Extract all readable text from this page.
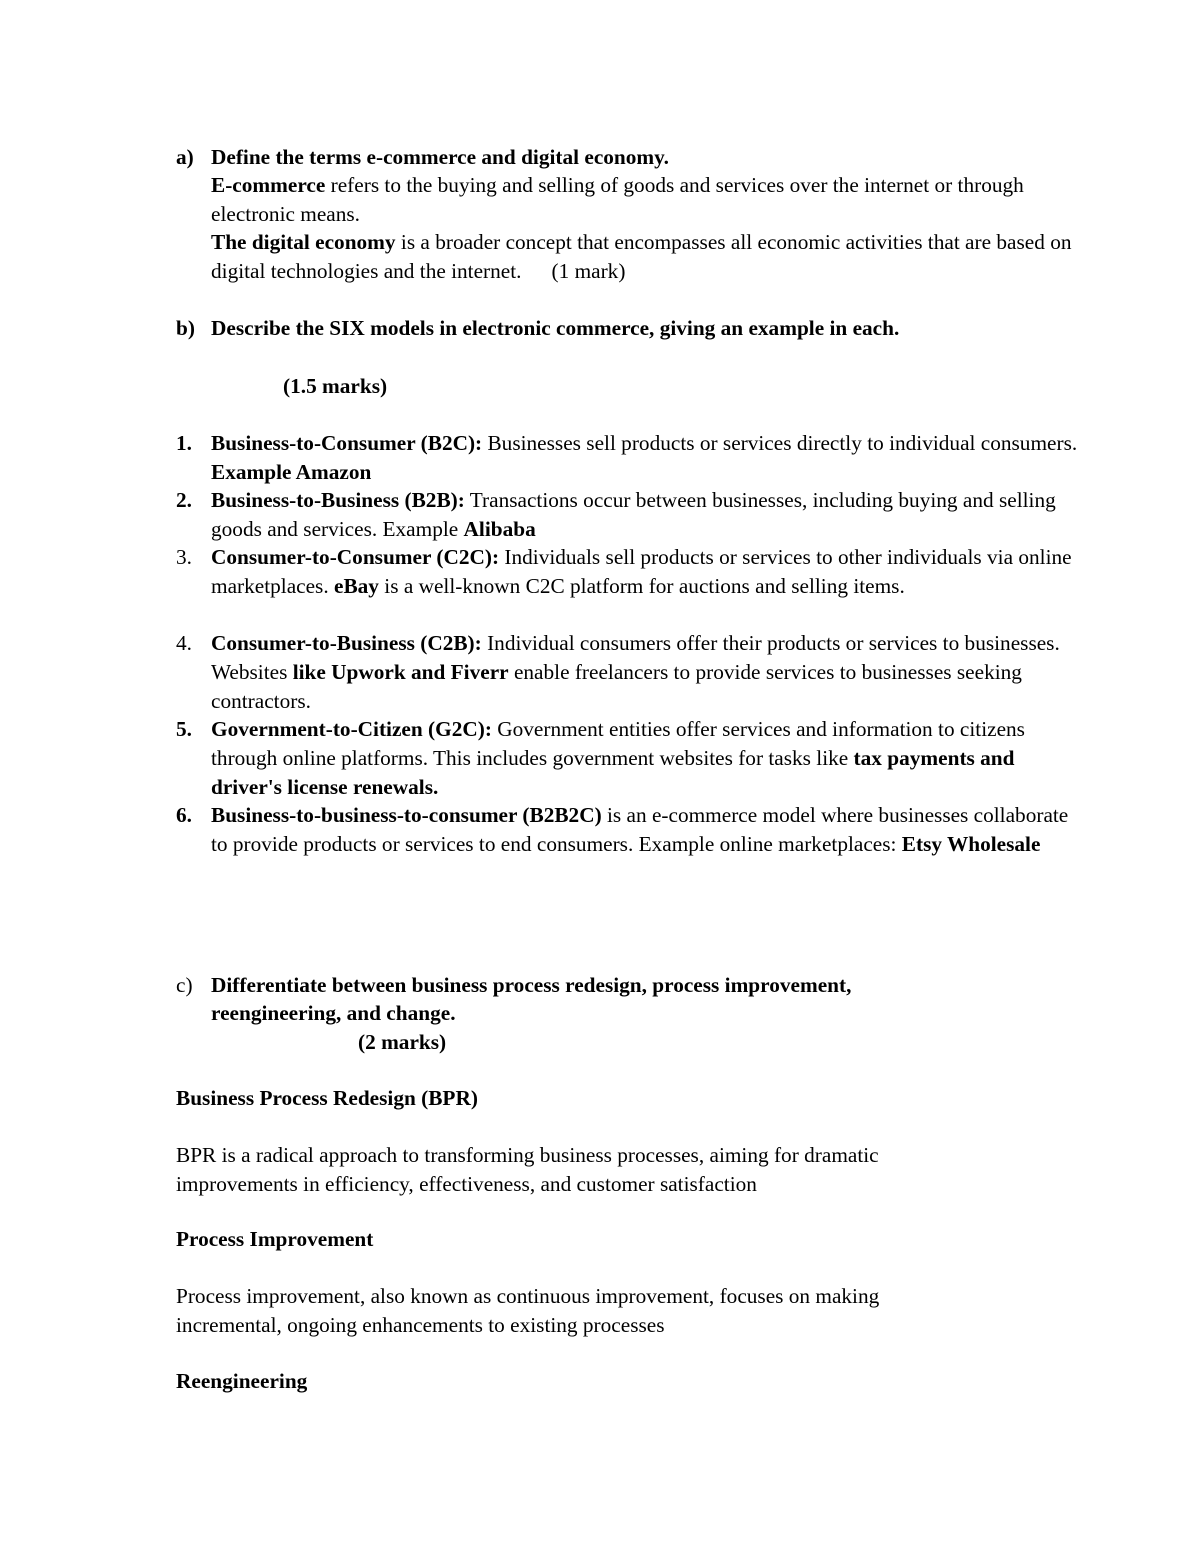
a) Define the terms e-commerce and digital economy.

E-commerce refers to the buying and selling of goods and services over the internet or through electronic means.

The digital economy is a broader concept that encompasses all economic activities that are based on digital technologies and the internet. (1 mark)

b) Describe the SIX models in electronic commerce, giving an example in each.
(1.5 marks)
1. Business-to-Consumer (B2C): Businesses sell products or services directly to individual consumers. Example Amazon

2. Business-to-Business (B2B): Transactions occur between businesses, including buying and selling goods and services. Example Alibaba

3. Consumer-to-Consumer (C2C): Individuals sell products or services to other individuals via online marketplaces. eBay is a well-known C2C platform for auctions and selling items.

4. Consumer-to-Business (C2B): Individual consumers offer their products or services to businesses. Websites like Upwork and Fiverr enable freelancers to provide services to businesses seeking contractors.

5. Government-to-Citizen (G2C): Government entities offer services and information to citizens through online platforms. This includes government websites for tasks like tax payments and driver's license renewals.

6. Business-to-business-to-consumer (B2B2C) is an e-commerce model where businesses collaborate to provide products or services to end consumers. Example online marketplaces: Etsy Wholesale

c) Differentiate between business process redesign, process improvement,
reengineering, and change.
(2 marks)
Business Process Redesign (BPR)

BPR is a radical approach to transforming business processes, aiming for dramatic improvements in efficiency, effectiveness, and customer satisfaction

Process Improvement

Process improvement, also known as continuous improvement, focuses on making incremental, ongoing enhancements to existing processes

Reengineering
